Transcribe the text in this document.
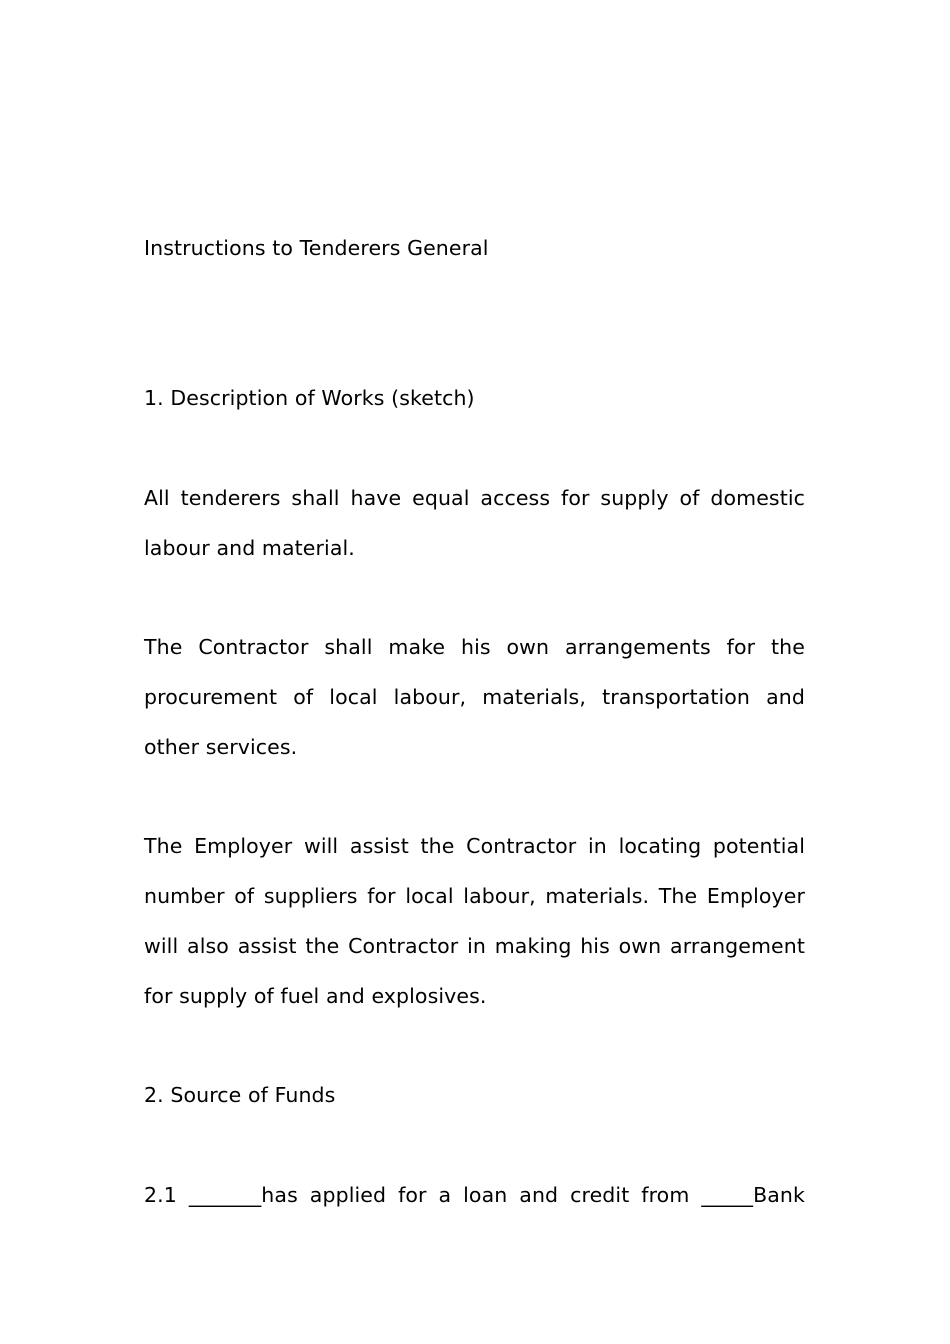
Instructions to Tenderers General

1. Description of Works (sketch)

All tenderers shall have equal access for supply of domestic labour and material.

The Contractor shall make his own arrangements for the procurement of local labour, materials, transportation and other services.

The Employer will assist the Contractor in locating potential number of suppliers for local labour, materials. The Employer will also assist the Contractor in making his own arrangement for supply of fuel and explosives.

2. Source of Funds

2.1 _______has applied for a loan and credit from _____Bank
